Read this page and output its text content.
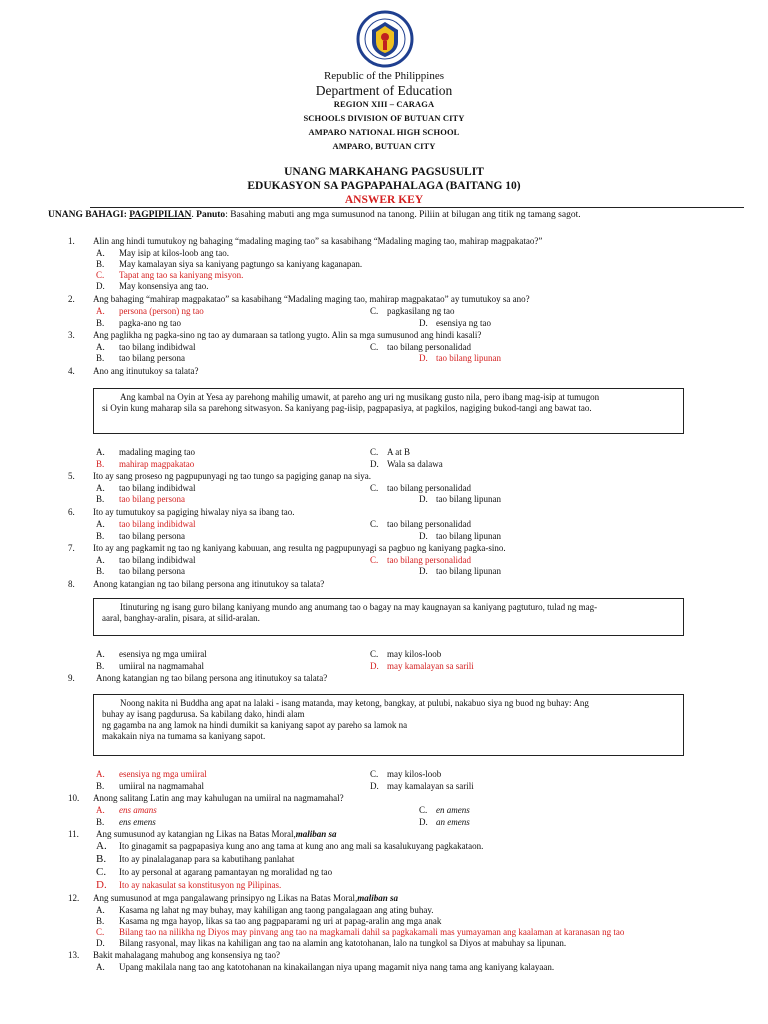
Republic of the Philippines
Department of Education
REGION XIII – CARAGA
SCHOOLS DIVISION OF BUTUAN CITY
AMPARO NATIONAL HIGH SCHOOL
AMPARO, BUTUAN CITY
UNANG MARKAHANG PAGSUSULIT
EDUKASYON SA PAGPAPAHALAGA (BAITANG 10)
ANSWER KEY
UNANG BAHAGI: PAGPIPILIAN. Panuto: Basahing mabuti ang mga sumusunod na tanong. Piliin at bilugan ang titik ng tamang sagot.
1. Alin ang hindi tumutukoy ng bahaging “madaling maging tao” sa kasabihang “Madaling maging tao, mahirap magpakatao?”
A. May isip at kilos-loob ang tao.
B. May kamalayan siya sa kaniyang pagtungo sa kaniyang kaganapan.
C. Tapat ang tao sa kaniyang misyon.
D. May konsensiya ang tao.
2. Ang bahaging “mahirap magpakatao” sa kasabihang “Madaling maging tao, mahirap magpakatao” ay tumutukoy sa ano?
A. persona (person) ng tao	C. pagkasilang ng tao
B. pagka-ano ng tao	D. esensiya ng tao
3. Ang paglikha ng pagka-sino ng tao ay dumaraan sa tatlong yugto. Alin sa mga sumusunod ang hindi kasali?
A. tao bilang indibidwal	C. tao bilang personalidad
B. tao bilang persona	D. tao bilang lipunan
4. Ano ang itinutukoy sa talata?
Ang kambal na Oyin at Yesa ay parehong mahilig umawit, at pareho ang uri ng musikang gusto nila, pero ibang mag-isip at tumugon
si Oyin kung maharap sila sa parehong sitwasyon. Sa kaniyang pag-iisip, pagpapasiya, at pagkilos, nagiging bukod-tangi ang bawat tao.
A. madaling maging tao	C. A at B
B. mahirap magpakatao	D. Wala sa dalawa
5. Ito ay sang proseso ng pagpupunyagi ng tao tungo sa pagiging ganap na siya.
A. tao bilang indibidwal	C. tao bilang personalidad
B. tao bilang persona	D. tao bilang lipunan
6. Ito ay tumutukoy sa pagiging hiwalay niya sa ibang tao.
A. tao bilang indibidwal	C. tao bilang personalidad
B. tao bilang persona	D. tao bilang lipunan
7. Ito ay ang pagkamit ng tao ng kaniyang kabuuan, ang resulta ng pagpupunyagi sa pagbuo ng kaniyang pagka-sino.
A. tao bilang indibidwal	C. tao bilang personalidad
B. tao bilang persona	D. tao bilang lipunan
8. Anong katangian ng tao bilang persona ang itinutukoy sa talata?
Itinuturing ng isang guro bilang kaniyang mundo ang anumang tao o bagay na may kaugnayan sa kaniyang pagtuturo, tulad ng mag-
aaral, banghay-aralin, pisara, at silid-aralan.
A. esensiya ng mga umiiral	C. may kilos-loob
B. umiiral na nagmamahal	D. may kamalayan sa sarili
9. Anong katangian ng tao bilang persona ang itinutukoy sa talata?
Noong nakita ni Buddha ang apat na lalaki - isang matanda, may ketong, bangkay, at pulubi, nakabuo siya ng buod ng buhay: Ang
buhay ay isang pagdurusa. Sa kabilang dako, hindi alam
ng gagamba na ang lamok na hindi dumikit sa kaniyang sapot ay pareho sa lamok na
makakain niya na tumama sa kaniyang sapot.
A. esensiya ng mga umiiral	C. may kilos-loob
B. umiiral na nagmamahal	D. may kamalayan sa sarili
10. Anong salitang Latin ang may kahulugan na umiiral na nagmamahal?
A. ens amans	C. en amens
B. ens emens	D. an emens
11. Ang sumusunod ay katangian ng Likas na Batas Moral,maliban sa
A. Ito ginagamit sa pagpapasiya kung ano ang tama at kung ano ang mali sa kasalukuyang pagkakataon.
B. Ito ay pinalalaganap para sa kabutihang panlahat
C. Ito ay personal at agarang pamantayan ng moralidad ng tao
D. Ito ay nakasulat sa konstitusyon ng Pilipinas.
12. Ang sumusunod at mga pangalawang prinsipyo ng Likas na Batas Moral,maliban sa
A. Kasama ng lahat ng may buhay, may kahiligan ang taong pangalagaan ang ating buhay.
B. Kasama ng mga hayop, likas sa tao ang pagpaparami ng uri at papag-aralin ang mga anak
C. Bilang tao na nilikha ng Diyos may pinvang ang tao na magkamali dahil sa pagkakamali mas yumayaman ang kaalaman at karanasan ng tao
D. Bilang rasyonal, may likas na kahiligan ang tao na alamin ang katotohanan, lalo na tungkol sa Diyos at mabuhay sa lipunan.
13. Bakit mahalagang mahubog ang konsensiya ng tao?
A. Upang makilala nang tao ang katotohanan na kinakailangan niya upang magamit niya nang tama ang kaniyang kalayaan.
